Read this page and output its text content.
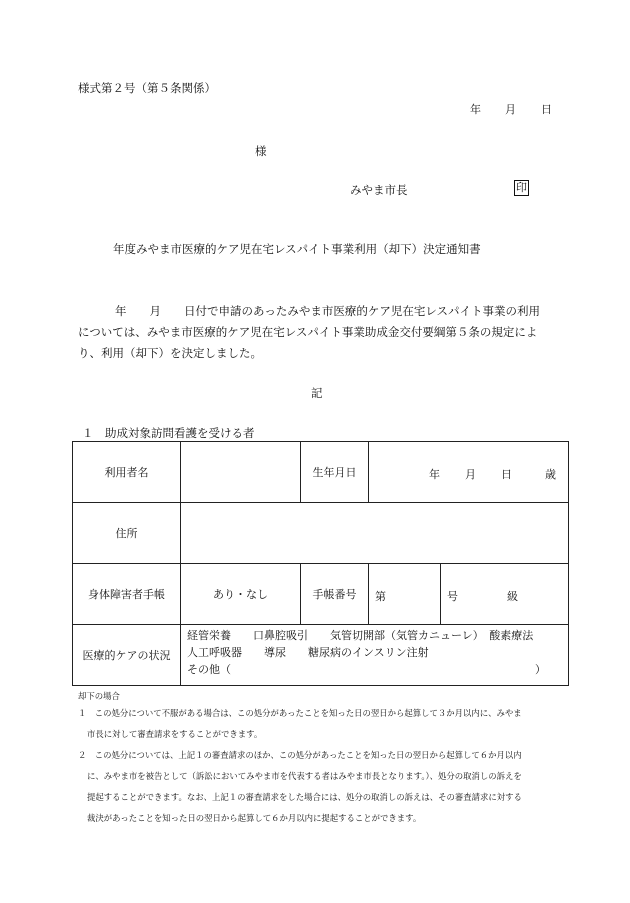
様式第２号（第５条関係）
年 月 日
様
みやま市長	印
年度みやま市医療的ケア児在宅レスパイト事業利用（却下）決定通知書
年　　月　　日付で申請のあったみやま市医療的ケア児在宅レスパイト事業の利用
については、みやま市医療的ケア児在宅レスパイト事業助成金交付要綱第５条の規定によ
り、利用（却下）を決定しました。
記
１　助成対象訪問看護を受ける者
利用者名		生年月日	年 月 日 歳	

住所				
身体障害者手帳	あり・なし	手帳番号	第 号	級

医療的ケアの状況	経管栄養　　口鼻腔吸引　　気管切開部（気管カニューレ）　酸素療法
人工呼吸器　　導尿　　糖尿病のインスリン注射
その他（ ）			
却下の場合
１　この処分について不服がある場合は、この処分があったことを知った日の翌日から起算して３か月以内に、みやま
市長に対して審査請求をすることができます。
２　この処分については、上記１の審査請求のほか、この処分があったことを知った日の翌日から起算して６か月以内
に、みやま市を被告として（訴訟においてみやま市を代表する者はみやま市長となります。）、処分の取消しの訴えを
提起することができます。なお、上記１の審査請求をした場合には、処分の取消しの訴えは、その審査請求に対する
裁決があったことを知った日の翌日から起算して６か月以内に提起することができます。
